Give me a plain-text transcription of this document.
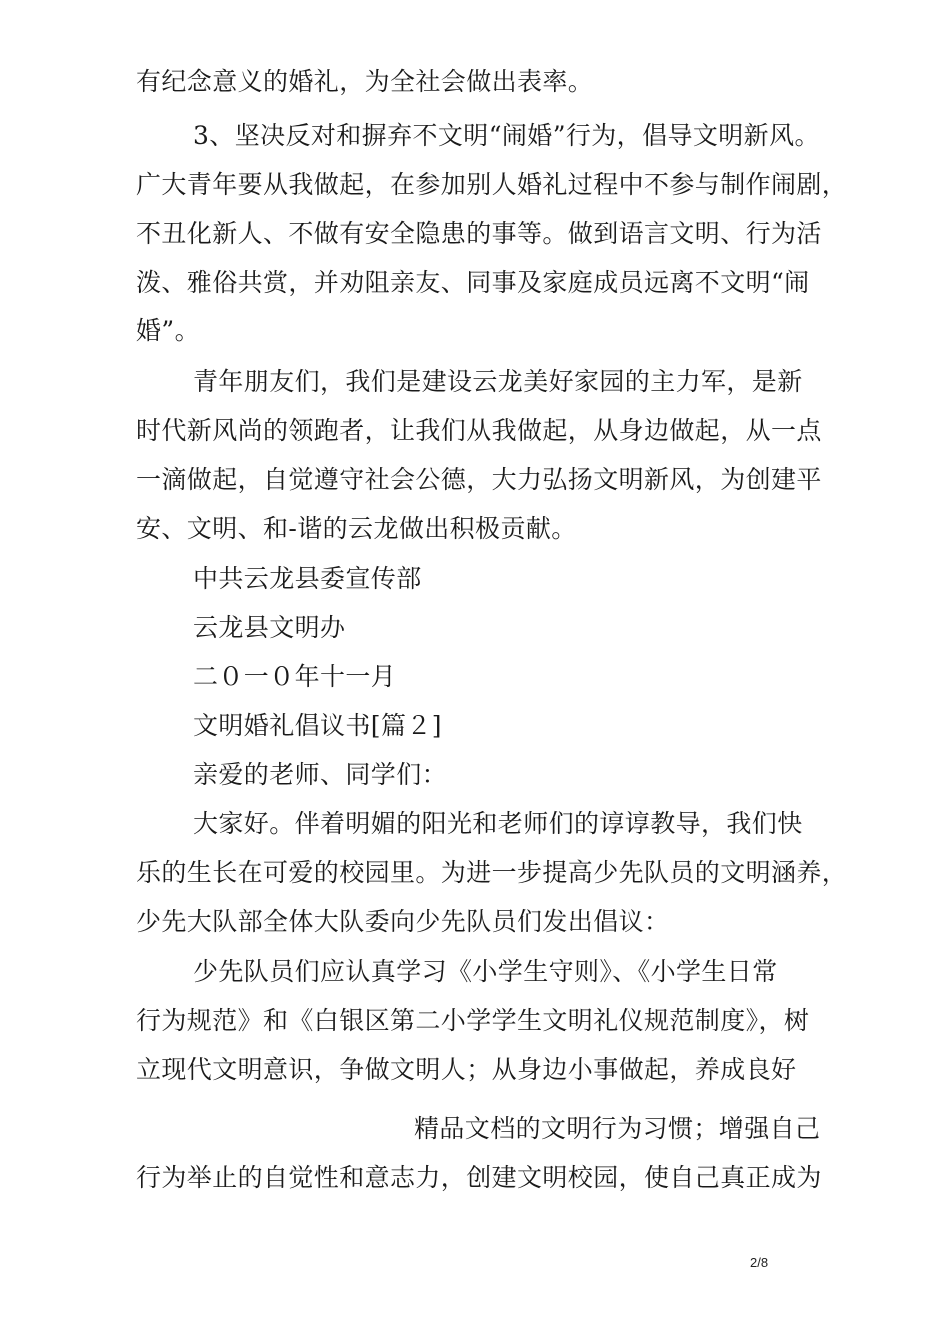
有纪念意义的婚礼，为全社会做出表率。
3、坚决反对和摒弃不文明“闹婚”行为，倡导文明新风。
广大青年要从我做起，在参加别人婚礼过程中不参与制作闹剧，
不丑化新人、不做有安全隐患的事等。做到语言文明、行为活
泼、雅俗共赏，并劝阻亲友、同事及家庭成员远离不文明“闹
婚”。
青年朋友们，我们是建设云龙美好家园的主力军，是新
时代新风尚的领跑者，让我们从我做起，从身边做起，从一点
一滴做起，自觉遵守社会公德，大力弘扬文明新风，为创建平
安、文明、和-谐的云龙做出积极贡献。
中共云龙县委宣传部
云龙县文明办
二０一０年十一月
文明婚礼倡议书[篇２]
亲爱的老师、同学们：
大家好。伴着明媚的阳光和老师们的谆谆教导，我们快
乐的生长在可爱的校园里。为进一步提高少先队员的文明涵养，
少先大队部全体大队委向少先队员们发出倡议：
少先队员们应认真学习《小学生守则》、《小学生日常
行为规范》和《白银区第二小学学生文明礼仪规范制度》，树
立现代文明意识，争做文明人；从身边小事做起，养成良好
精品文档的文明行为习惯；增强自己
行为举止的自觉性和意志力，创建文明校园，使自己真正成为
2/8
